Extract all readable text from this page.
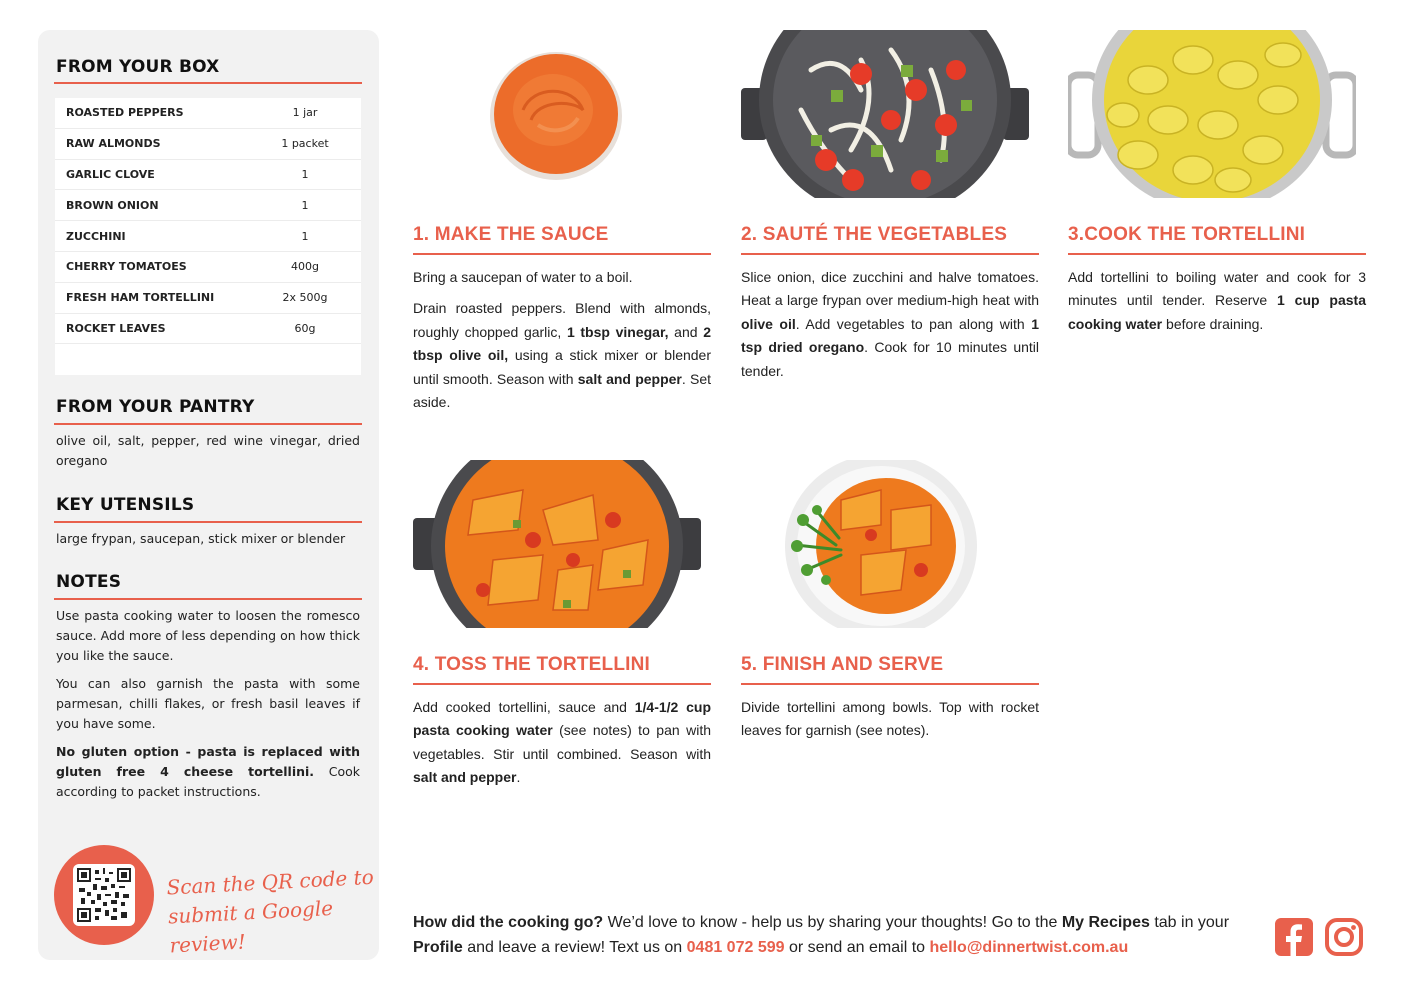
FROM YOUR BOX
ROASTED PEPPERS	1 jar
RAW ALMONDS	1 packet
GARLIC CLOVE	1
BROWN ONION	1
ZUCCHINI	1
CHERRY TOMATOES	400g
FRESH HAM TORTELLINI	2x 500g
ROCKET LEAVES	60g
FROM YOUR PANTRY
olive oil, salt, pepper, red wine vinegar, dried oregano
KEY UTENSILS
large frypan, saucepan, stick mixer or blender
NOTES

Use pasta cooking water to loosen the romesco sauce. Add more of less depending on how thick you like the sauce.

You can also garnish the pasta with some parmesan, chilli flakes, or fresh basil leaves if you have some.

No gluten option - pasta is replaced with gluten free 4 cheese tortellini. Cook according to packet instructions.

Scan the QR code to
submit a Google review!
1. MAKE THE SAUCE

Bring a saucepan of water to a boil.

Drain roasted peppers. Blend with almonds, roughly chopped garlic, 1 tbsp vinegar, and 2 tbsp olive oil, using a stick mixer or blender until smooth. Season with salt and pepper. Set aside.

2. SAUTÉ THE VEGETABLES

Slice onion, dice zucchini and halve tomatoes. Heat a large frypan over medium-high heat with olive oil. Add vegetables to pan along with 1 tsp dried oregano. Cook for 10 minutes until tender.

3.COOK THE TORTELLINI

Add tortellini to boiling water and cook for 3 minutes until tender. Reserve 1 cup pasta cooking water before draining.

4. TOSS THE TORTELLINI

Add cooked tortellini, sauce and 1/4-1/2 cup pasta cooking water (see notes) to pan with vegetables. Stir until combined. Season with salt and pepper.

5. FINISH AND SERVE

Divide tortellini among bowls. Top with rocket leaves for garnish (see notes).

How did the cooking go? We’d love to know - help us by sharing your thoughts! Go to the My Recipes tab in your Profile and leave a review! Text us on 0481 072 599 or send an email to hello@dinnertwist.com.au
